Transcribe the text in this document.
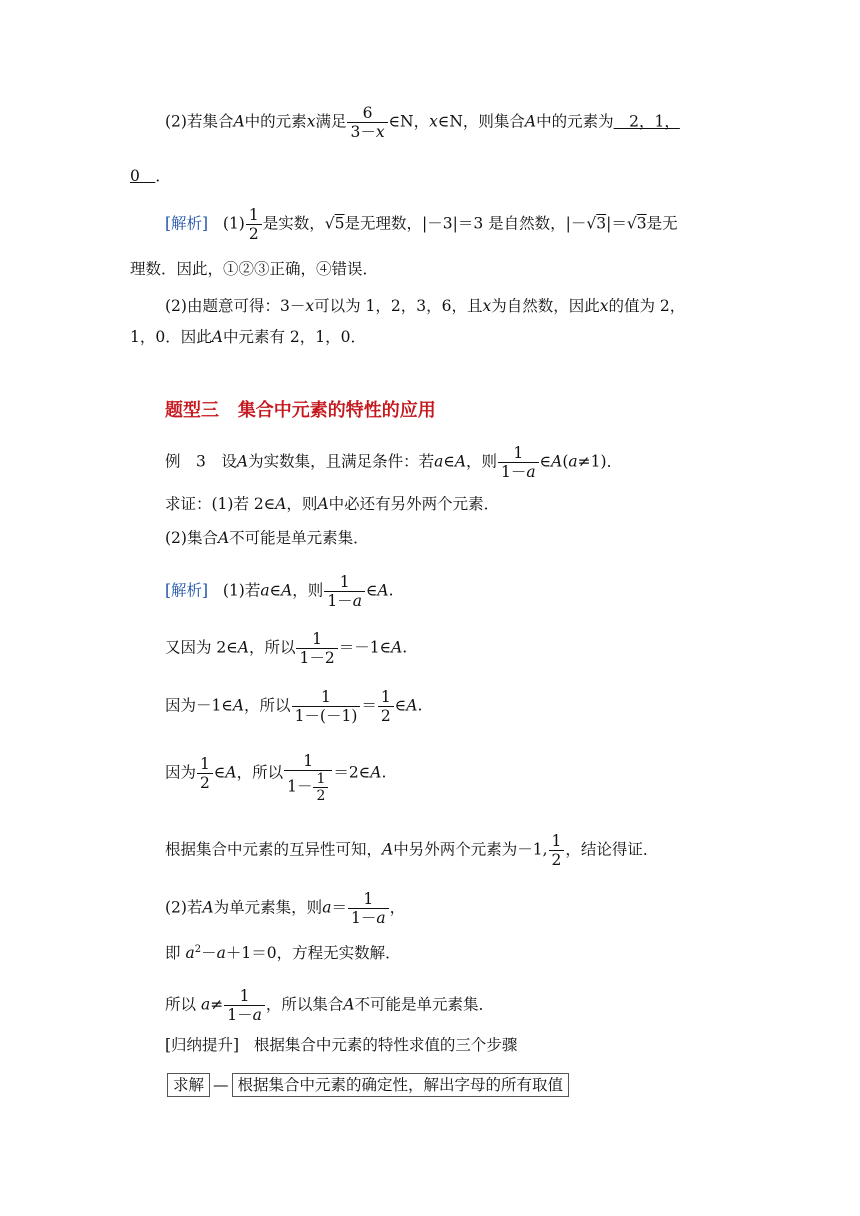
(2)若集合A中的元素x满足 $\frac{6}{3-x}$ ∈N，x∈N，则集合A中的元素为　2，1，
0　 ．
[解析] $(1) \frac{1}{2}$ 是实数，√5是无理数，|－3|＝3 是自然数，|－√3|＝√3是无
理数．因此，①②③正确，④错误．
(2)由题意可得：3－x可以为 1，2，3，6，且x为自然数，因此x的值为 2，
1，0．因此A中元素有 2，1，0．
题型三 集合中元素的特性的应用
例　3　设A为实数集，且满足条件：若a∈A，则 $\frac{1}{1-a}$ ∈A(a≠1)．
求证：(1)若 2∈A，则A中必还有另外两个元素．
(2)集合A不可能是单元素集．
[解析] (1)若a∈A，则 $\frac{1}{1-a}$ ∈A.
又因为 2∈A，所以 $\frac{1}{1-2}$ ＝－1∈A.
因为－1∈A，所以 $\frac{1}{1-(-1)} = \frac{1}{2}$ ∈A.
因为 $\frac{1}{2}$ ∈A，所以 $\frac{1}{1- \frac{1}{2}}$ ＝2∈A.
根据集合中元素的互异性可知，A中另外两个元素为－1, $\frac{1}{2}$ ，结论得证．
(2)若A为单元素集，则$a= \frac{1}{1-a}$ ，
即 $a^2-a+1=0$，方程无实数解．
所以 $a\ne \frac{1}{1-a}$ ，所以集合A不可能是单元素集．
[归纳提升] 根据集合中元素的特性求值的三个步骤
求解 — 根据集合中元素的确定性，解出字母的所有取值
